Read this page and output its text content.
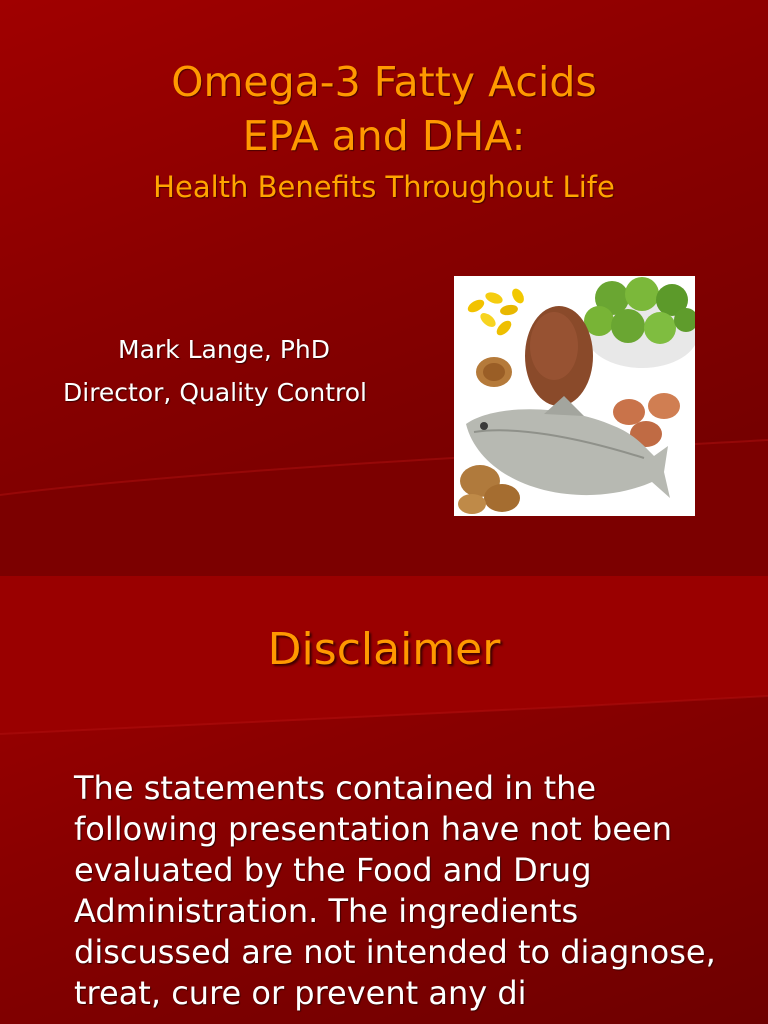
Omega-3 Fatty Acids
EPA and DHA:
Health Benefits Throughout Life
Mark Lange, PhD
Director, Quality Control
Disclaimer
The statements contained in the following presentation have not been evaluated by the Food and Drug Administration. The ingredients discussed are not intended to diagnose, treat, cure or prevent any di
